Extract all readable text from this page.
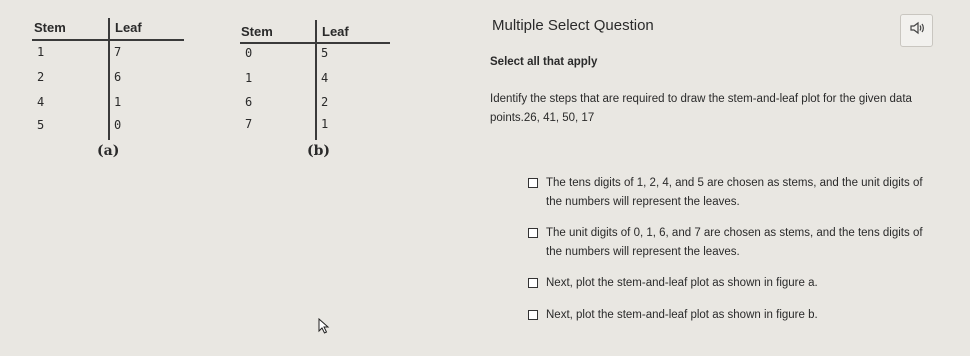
Stem	Leaf
1	7
2	6
4	1
5	0
(a)
Stem	Leaf
0	5
1	4
6	2
7	1
(b)
Multiple Select Question
Select all that apply
Identify the steps that are required to draw the stem-and-leaf plot for the given data points.26, 41, 50, 17
The tens digits of 1, 2, 4, and 5 are chosen as stems, and the unit digits of the numbers will represent the leaves.
The unit digits of 0, 1, 6, and 7 are chosen as stems, and the tens digits of the numbers will represent the leaves.
Next, plot the stem-and-leaf plot as shown in figure a.
Next, plot the stem-and-leaf plot as shown in figure b.
